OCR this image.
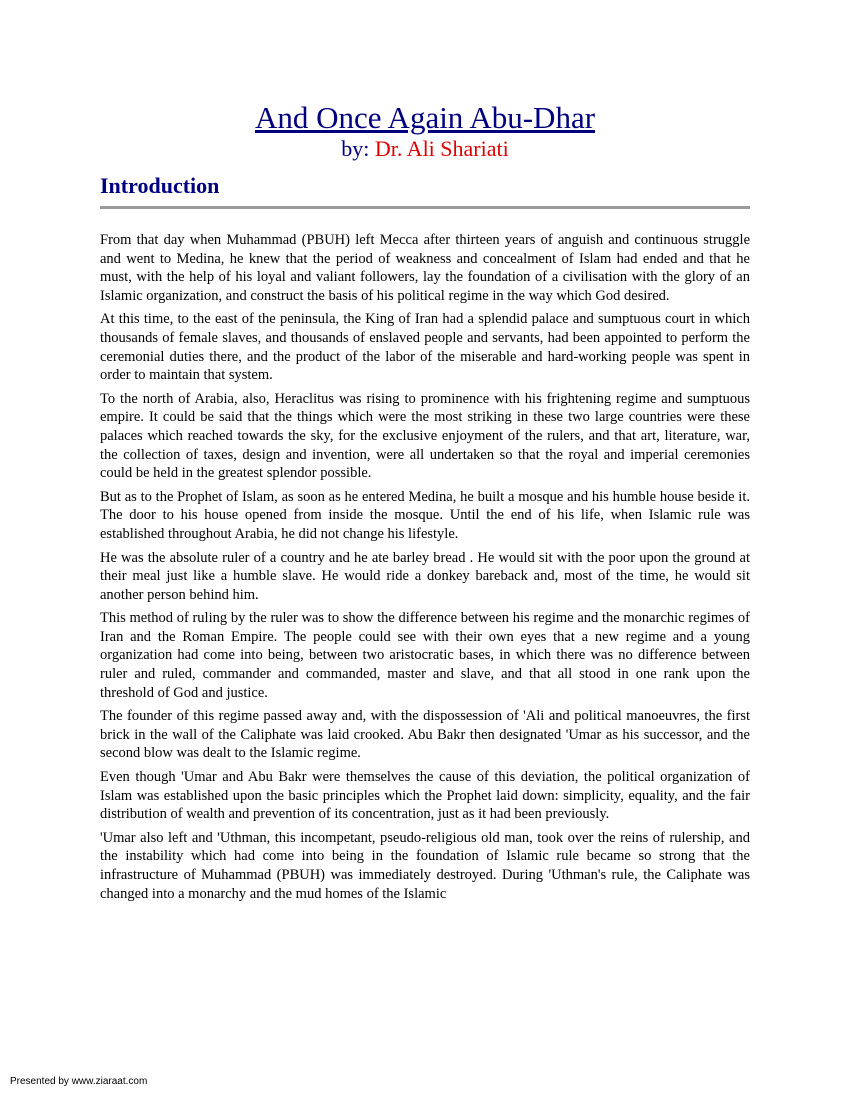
And Once Again Abu-Dhar

by: Dr. Ali Shariati

Introduction

From that day when Muhammad (PBUH) left Mecca after thirteen years of anguish and continuous struggle and went to Medina, he knew that the period of weakness and concealment of Islam had ended and that he must, with the help of his loyal and valiant followers, lay the foundation of a civilisation with the glory of an Islamic organization, and construct the basis of his political regime in the way which God desired.

At this time, to the east of the peninsula, the King of Iran had a splendid palace and sumptuous court in which thousands of female slaves, and thousands of enslaved people and servants, had been appointed to perform the ceremonial duties there, and the product of the labor of the miserable and hard-working people was spent in order to maintain that system.

To the north of Arabia, also, Heraclitus was rising to prominence with his frightening regime and sumptuous empire. It could be said that the things which were the most striking in these two large countries were these palaces which reached towards the sky, for the exclusive enjoyment of the rulers, and that art, literature, war, the collection of taxes, design and invention, were all undertaken so that the royal and imperial ceremonies could be held in the greatest splendor possible.

But as to the Prophet of Islam, as soon as he entered Medina, he built a mosque and his humble house beside it. The door to his house opened from inside the mosque. Until the end of his life, when Islamic rule was established throughout Arabia, he did not change his lifestyle.

He was the absolute ruler of a country and he ate barley bread . He would sit with the poor upon the ground at their meal just like a humble slave. He would ride a donkey bareback and, most of the time, he would sit another person behind him.

This method of ruling by the ruler was to show the difference between his regime and the monarchic regimes of Iran and the Roman Empire. The people could see with their own eyes that a new regime and a young organization had come into being, between two aristocratic bases, in which there was no difference between ruler and ruled, commander and commanded, master and slave, and that all stood in one rank upon the threshold of God and justice.

The founder of this regime passed away and, with the dispossession of 'Ali and political manoeuvres, the first brick in the wall of the Caliphate was laid crooked. Abu Bakr then designated 'Umar as his successor, and the second blow was dealt to the Islamic regime.

Even though 'Umar and Abu Bakr were themselves the cause of this deviation, the political organization of Islam was established upon the basic principles which the Prophet laid down: simplicity, equality, and the fair distribution of wealth and prevention of its concentration, just as it had been previously.

'Umar also left and 'Uthman, this incompetant, pseudo-religious old man, took over the reins of rulership, and the instability which had come into being in the foundation of Islamic rule became so strong that the infrastructure of Muhammad (PBUH) was immediately destroyed. During 'Uthman's rule, the Caliphate was changed into a monarchy and the mud homes of the Islamic

Presented by www.ziaraat.com
